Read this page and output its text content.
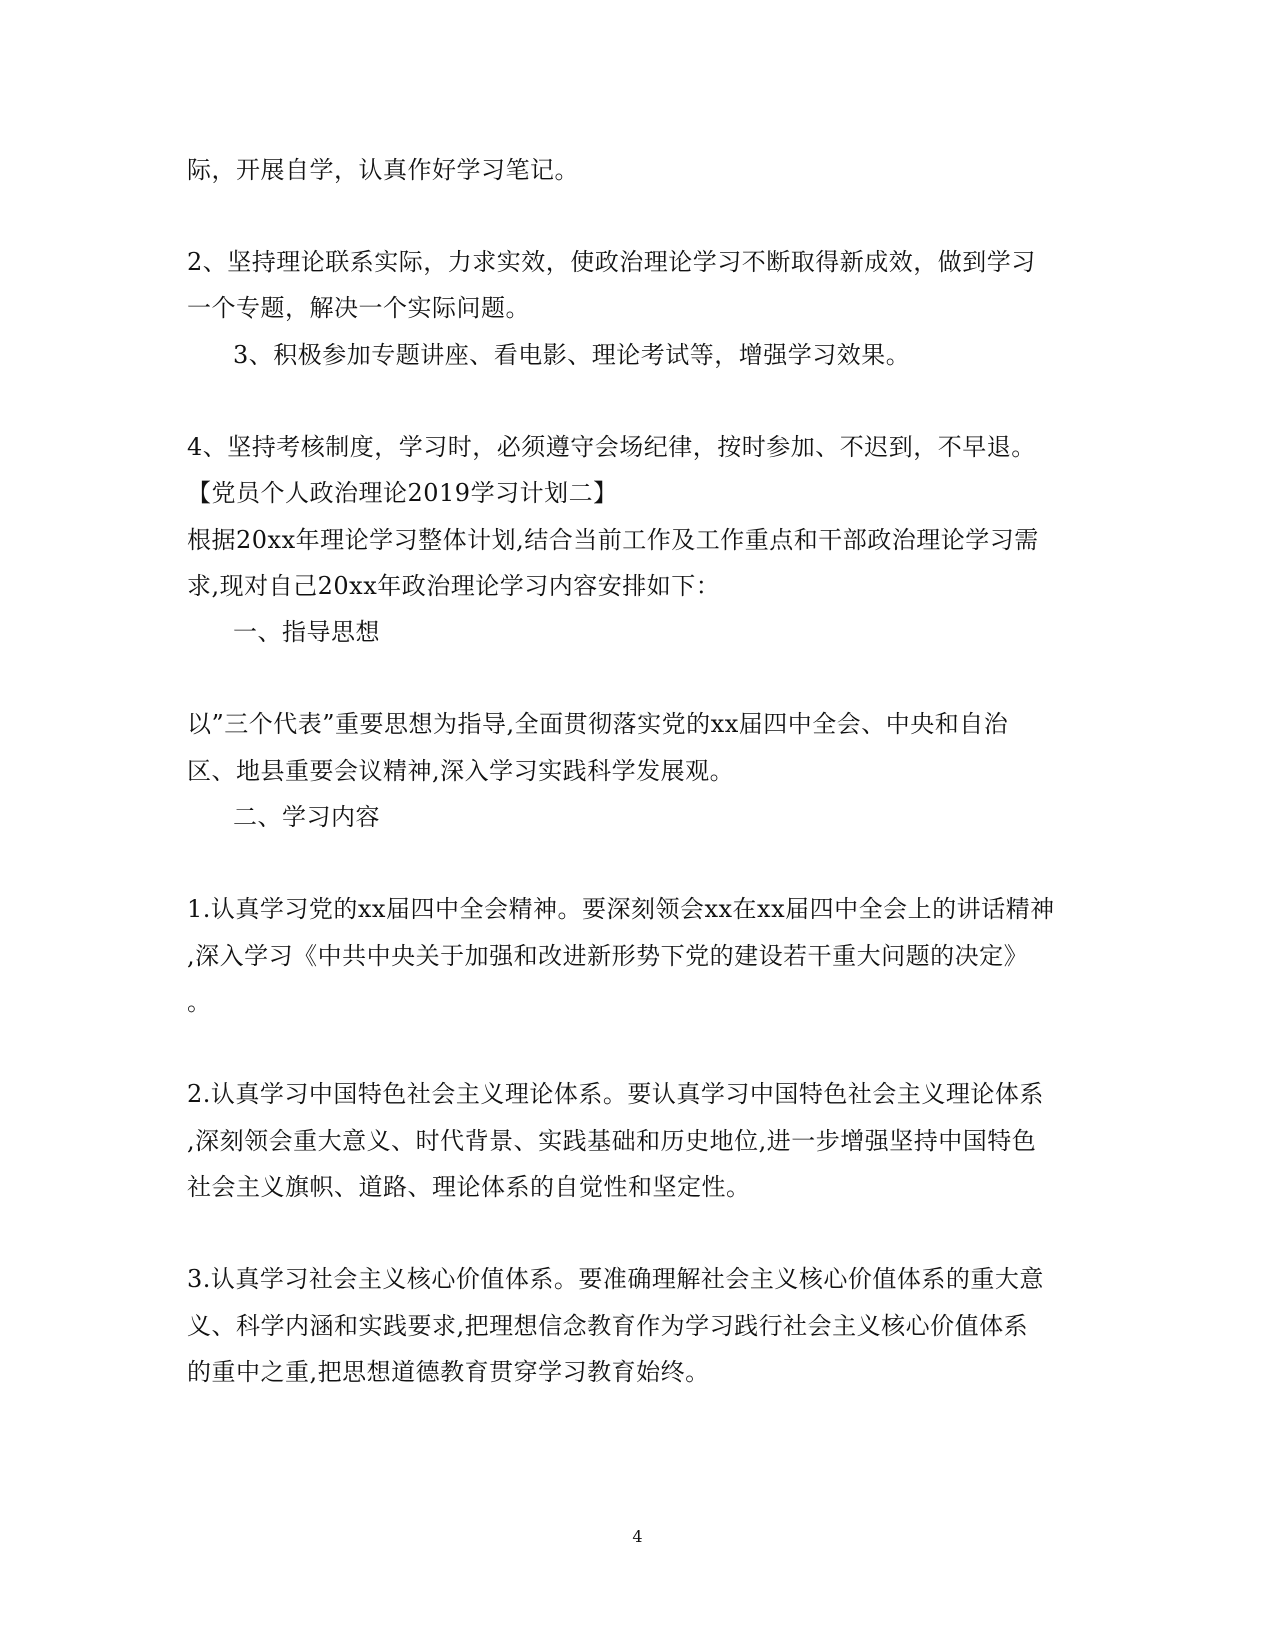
际，开展自学，认真作好学习笔记。
2、坚持理论联系实际，力求实效，使政治理论学习不断取得新成效，做到学习
一个专题，解决一个实际问题。
3、积极参加专题讲座、看电影、理论考试等，增强学习效果。
4、坚持考核制度，学习时，必须遵守会场纪律，按时参加、不迟到，不早退。
【党员个人政治理论2019学习计划二】
根据20xx年理论学习整体计划,结合当前工作及工作重点和干部政治理论学习需
求,现对自己20xx年政治理论学习内容安排如下：
一、指导思想
以”三个代表”重要思想为指导,全面贯彻落实党的xx届四中全会、中央和自治
区、地县重要会议精神,深入学习实践科学发展观。
二、学习内容
1.认真学习党的xx届四中全会精神。要深刻领会xx在xx届四中全会上的讲话精神
,深入学习《中共中央关于加强和改进新形势下党的建设若干重大问题的决定》
。
2.认真学习中国特色社会主义理论体系。要认真学习中国特色社会主义理论体系
,深刻领会重大意义、时代背景、实践基础和历史地位,进一步增强坚持中国特色
社会主义旗帜、道路、理论体系的自觉性和坚定性。
3.认真学习社会主义核心价值体系。要准确理解社会主义核心价值体系的重大意
义、科学内涵和实践要求,把理想信念教育作为学习践行社会主义核心价值体系
的重中之重,把思想道德教育贯穿学习教育始终。
4
